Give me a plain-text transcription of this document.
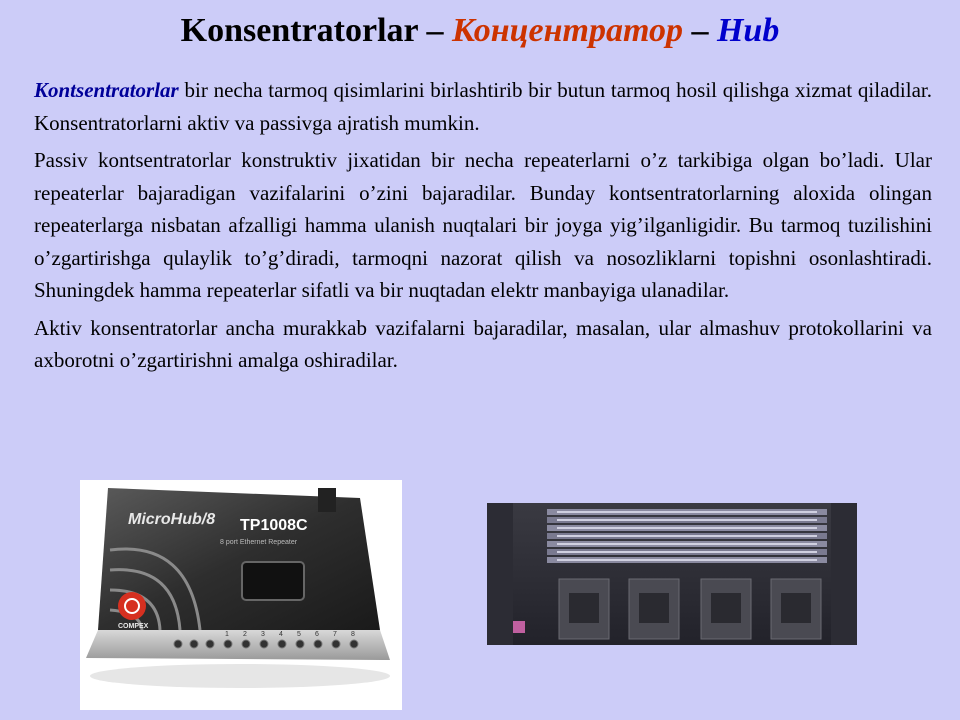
Konsentratorlar – Концентратор – Hub

Kontsentratorlar bir necha tarmoq qisimlarini birlashtirib bir butun tarmoq hosil qilishga xizmat qiladilar. Konsentratorlarni aktiv va passivga ajratish mumkin.

Passiv kontsentratorlar konstruktiv jixatidan bir necha repeaterlarni o’z tarkibiga olgan bo’ladi. Ular repeaterlar bajaradigan vazifalarini o’zini bajaradilar. Bunday kontsentratorlarning aloxida olingan repeaterlarga nisbatan afzalligi hamma ulanish nuqtalari bir joyga yig’ilganligidir. Bu tarmoq tuzilishini o’zgartirishga qulaylik to’g’diradi, tarmoqni nazorat qilish va nosozliklarni topishni osonlashtiradi. Shuningdek hamma repeaterlar sifatli va bir nuqtadan elektr manbayiga ulanadilar.

Aktiv konsentratorlar ancha murakkab vazifalarni bajaradilar, masalan, ular almashuv protokollarini va axborotni o’zgartirishni amalga oshiradilar.

MicroHub/8 TP1008C
8 port Ethernet Repeater
COMPEX
1 2 3 4 5 6 7 8
